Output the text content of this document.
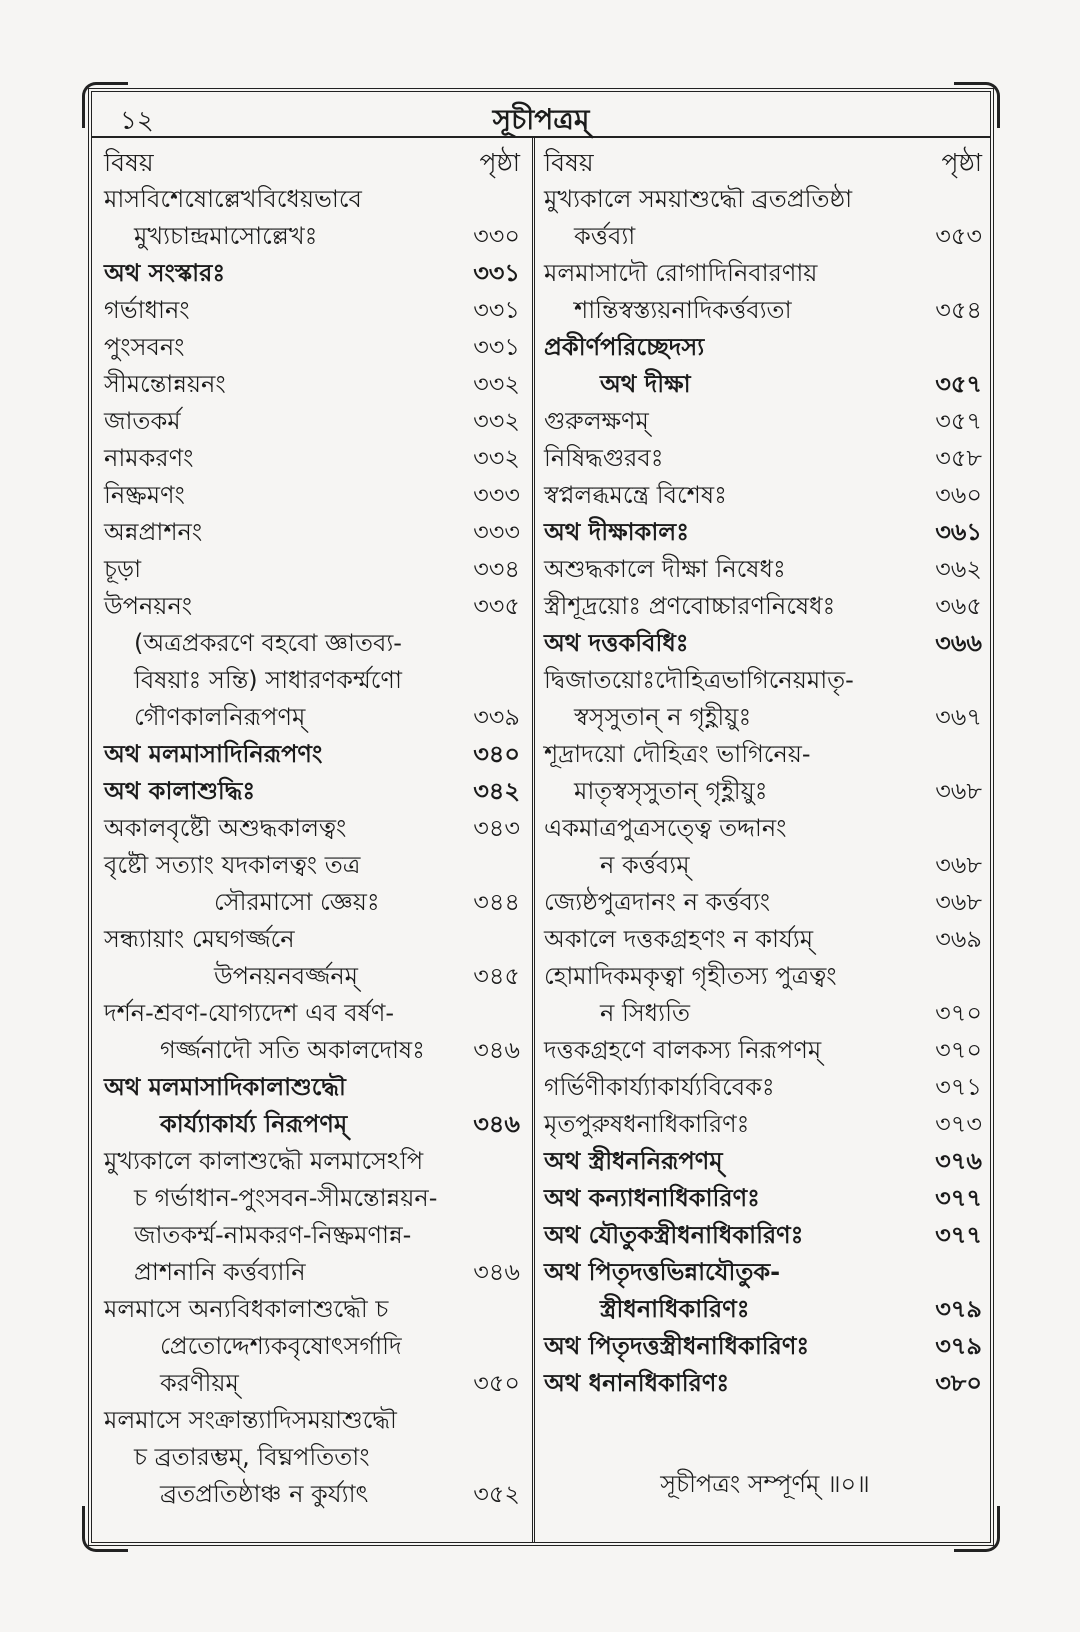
১২	সূচীপত্রম্
বিষয়	পৃষ্ঠা
মাসবিশেষোল্লেখবিধেয়ভাবে
মুখ্যচান্দ্রমাসোল্লেখঃ	৩৩০
অথ সংস্কারঃ	৩৩১
গর্ভাধানং	৩৩১
পুংসবনং	৩৩১
সীমন্তোন্নয়নং	৩৩২
জাতকর্ম	৩৩২
নামকরণং	৩৩২
নিষ্ক্রমণং	৩৩৩
অন্নপ্রাশনং	৩৩৩
চূড়া	৩৩৪
উপনয়নং	৩৩৫
(অত্রপ্রকরণে বহবো জ্ঞাতব্য-
বিষয়াঃ সন্তি) সাধারণকর্ম্মণো
গৌণকালনিরূপণম্	৩৩৯
অথ মলমাসাদিনিরূপণং	৩৪০
অথ কালাশুদ্ধিঃ	৩৪২
অকালবৃষ্টৌ অশুদ্ধকালত্বং	৩৪৩
বৃষ্টৌ সত্যাং যদকালত্বং তত্র
সৌরমাসো জ্ঞেয়ঃ	৩৪৪
সন্ধ্যায়াং মেঘগর্জ্জনে
উপনয়নবর্জ্জনম্	৩৪৫
দর্শন-শ্রবণ-যোগ্যদেশ এব বর্ষণ-
গর্জ্জনাদৌ সতি অকালদোষঃ ৩৪৬
অথ মলমাসাদিকালাশুদ্ধৌ
কার্য্যাকার্য্য নিরূপণম্	৩৪৬
মুখ্যকালে কালাশুদ্ধৌ মলমাসেঽপি
চ গর্ভাধান-পুংসবন-সীমন্তোন্নয়ন-
জাতকর্ম্ম-নামকরণ-নিষ্ক্রমণান্ন-
প্রাশনানি কর্ত্তব্যানি	৩৪৬
মলমাসে অন্যবিধকালাশুদ্ধৌ চ
প্রেতোদ্দেশ্যকবৃষোৎসর্গাদি
করণীয়ম্	৩৫০
মলমাসে সংক্রান্ত্যাদিসময়াশুদ্ধৌ
চ ব্রতারম্ভম্, বিঘ্নপতিতাং
ব্রতপ্রতিষ্ঠাঞ্চ ন কুর্য্যাৎ	৩৫২
বিষয়	পৃষ্ঠা
মুখ্যকালে সময়াশুদ্ধৌ ব্রতপ্রতিষ্ঠা
কর্ত্তব্যা	৩৫৩
মলমাসাদৌ রোগাদিনিবারণায়
শান্তিস্বস্ত্যয়নাদিকর্ত্তব্যতা	৩৫৪
প্রকীর্ণপরিচ্ছেদস্য
অথ দীক্ষা	৩৫৭
গুরুলক্ষণম্	৩৫৭
নিষিদ্ধগুরবঃ	৩৫৮
স্বপ্নলব্ধমন্ত্রে বিশেষঃ	৩৬০
অথ দীক্ষাকালঃ	৩৬১
অশুদ্ধকালে দীক্ষা নিষেধঃ	৩৬২
স্ত্রীশূদ্রয়োঃ প্রণবোচ্চারণনিষেধঃ	৩৬৫
অথ দত্তকবিধিঃ	৩৬৬
দ্বিজাতয়োঃদৌহিত্রভাগিনেয়মাতৃ-
স্বসৃসুতান্ ন গৃহ্ণীয়ুঃ	৩৬৭
শূদ্রাদয়ো দৌহিত্রং ভাগিনেয়-
মাতৃস্বসৃসুতান্ গৃহ্ণীয়ুঃ	৩৬৮
একমাত্রপুত্রসত্ত্বে তদ্দানং
ন কর্ত্তব্যম্	৩৬৮
জ্যেষ্ঠপুত্রদানং ন কর্ত্তব্যং	৩৬৮
অকালে দত্তকগ্রহণং ন কার্য্যম্	৩৬৯
হোমাদিকমকৃত্বা গৃহীতস্য পুত্রত্বং
ন সিধ্যতি	৩৭০
দত্তকগ্রহণে বালকস্য নিরূপণম্	৩৭০
গর্ভিণীকার্য্যাকার্য্যবিবেকঃ	৩৭১
মৃতপুরুষধনাধিকারিণঃ	৩৭৩
অথ স্ত্রীধননিরূপণম্	৩৭৬
অথ কন্যাধনাধিকারিণঃ	৩৭৭
অথ যৌতুকস্ত্রীধনাধিকারিণঃ	৩৭৭
অথ পিতৃদত্তভিন্নাযৌতুক-
স্ত্রীধনাধিকারিণঃ	৩৭৯
অথ পিতৃদত্তস্ত্রীধনাধিকারিণঃ	৩৭৯
অথ ধনানধিকারিণঃ	৩৮০
সূচীপত্রং সম্পূর্ণম্ ॥০॥
